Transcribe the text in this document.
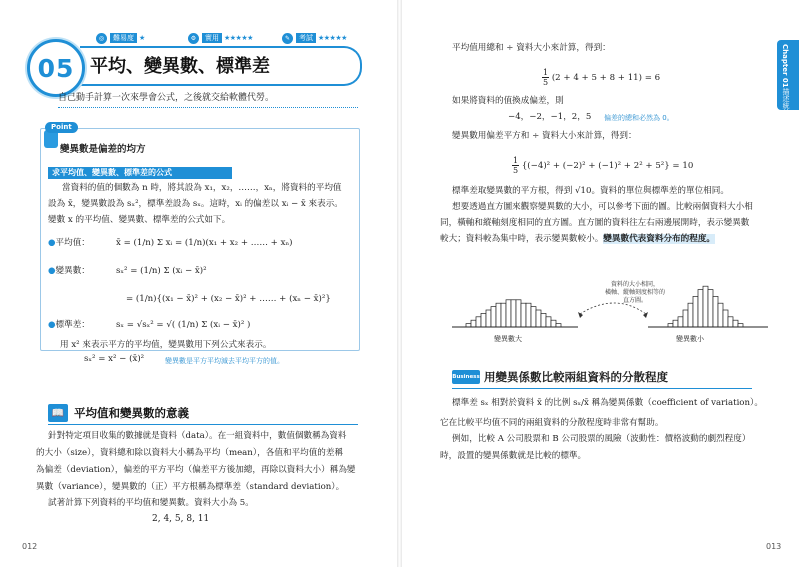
◎	難易度 ★	⚙	實用 ★★★★★	✎	考試 ★★★★★
05 平均、變異數、標準差
自己動手計算一次來學會公式，之後就交給軟體代勞。
Point
變異數是偏差的均方
求平均值、變異數、標準差的公式
當資料的值的個數為 n 時，將其設為 x₁，x₂，……，xₙ，將資料的平均值
設為 x̄，變異數設為 sₓ²，標準差設為 sₓ。這時，xᵢ 的偏差以 xᵢ − x̄ 來表示。
變數 x 的平均值、變異數、標準差的公式如下。
●平均值：	x̄ = (1/n) Σ xᵢ = (1/n)(x₁ + x₂ + …… + xₙ)
●變異數：	sₓ² = (1/n) Σ (xᵢ − x̄)²
= (1/n){(x₁ − x̄)² + (x₂ − x̄)² + …… + (xₙ − x̄)²}
●標準差：	sₓ = √sₓ² = √( (1/n) Σ (xᵢ − x̄)² )
用 x² 來表示平方的平均值，變異數用下列公式來表示。
sₓ² = x² − (x̄)²	變異數是平方平均減去平均平方的值。
📖 平均值和變異數的意義
針對特定項目收集的數據就是資料（data）。在一組資料中，數值個數稱為資料
的大小（size），資料總和除以資料大小稱為平均（mean），各值和平均值的差稱
為偏差（deviation），偏差的平方平均（偏差平方後加總，再除以資料大小）稱為變
異數（variance），變異數的（正）平方根稱為標準差（standard deviation）。
試著計算下列資料的平均值和變異數。資料大小為 5。
2, 4, 5, 8, 11
012
平均值用總和 ÷ 資料大小來計算，得到：
$\frac{1}{5} (2 + 4 + 5 + 8 + 11) = 6$
如果將資料的值換成偏差，則
−4，−2，−1，2，5 偏差的總和必然為 0。
變異數用偏差平方和 ÷ 資料大小來計算，得到：
$\frac{1}{5} \{(-4)^2 + (-2)^2 + (-1)^2 + 2^2 + 5^2\} = 10$
標準差取變異數的平方根，得到 √10。資料的單位與標準差的單位相同。
想要透過直方圖來觀察變異數的大小，可以參考下面的圖。比較兩個資料大小相
同，橫軸和縱軸刻度相同的直方圖。直方圖的資料往左右兩邊展開時，表示變異數
較大；資料較為集中時，表示變異數較小。變異數代表資料分布的程度。
資料的大小相同，
橫軸、縱軸刻度相等的
直方圖。
變異數大	變異數小
Business 用變異係數比較兩組資料的分散程度
標準差 sₓ 相對於資料 x̄ 的比例 sₓ/x̄ 稱為變異係數（coefficient of variation）。
它在比較平均值不同的兩組資料的分散程度時非常有幫助。
例如，比較 A 公司股票和 B 公司股票的風險（波動性：價格波動的劇烈程度）
時，設置的變異係數就是比較的標準。
Chapter 01
描述統計
013
